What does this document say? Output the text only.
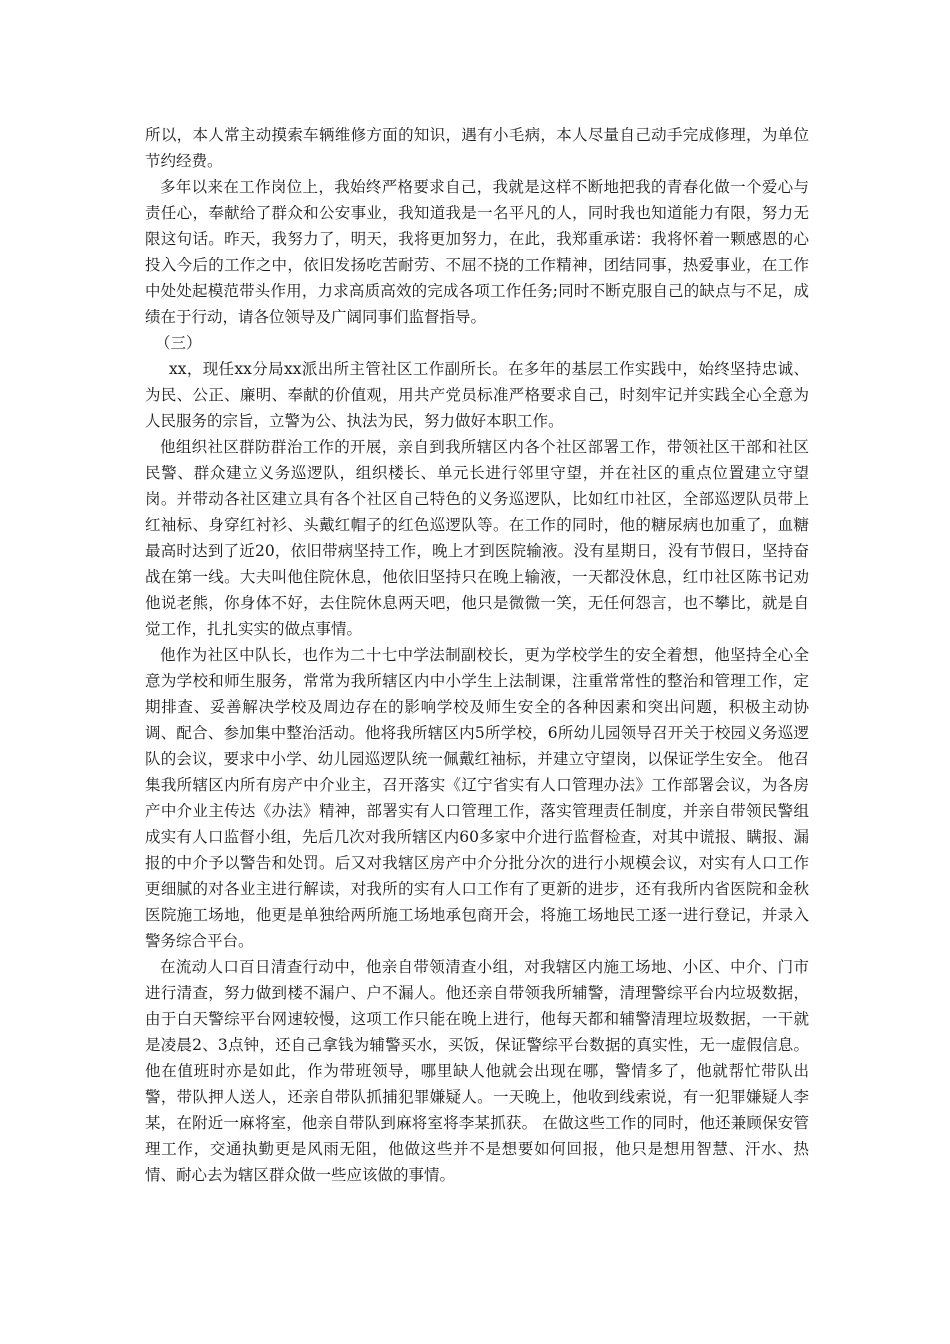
所以，本人常主动摸索车辆维修方面的知识，遇有小毛病，本人尽量自己动手完成修理，为单位节约经费。

多年以来在工作岗位上，我始终严格要求自己，我就是这样不断地把我的青春化做一个爱心与责任心，奉献给了群众和公安事业，我知道我是一名平凡的人，同时我也知道能力有限，努力无限这句话。昨天，我努力了，明天，我将更加努力，在此，我郑重承诺：我将怀着一颗感恩的心投入今后的工作之中，依旧发扬吃苦耐劳、不屈不挠的工作精神，团结同事，热爱事业，在工作中处处起模范带头作用，力求高质高效的完成各项工作任务;同时不断克服自己的缺点与不足，成绩在于行动，请各位领导及广阔同事们监督指导。

（三）

xx，现任xx分局xx派出所主管社区工作副所长。在多年的基层工作实践中，始终坚持忠诚、为民、公正、廉明、奉献的价值观，用共产党员标准严格要求自己，时刻牢记并实践全心全意为人民服务的宗旨，立警为公、执法为民，努力做好本职工作。

他组织社区群防群治工作的开展，亲自到我所辖区内各个社区部署工作，带领社区干部和社区民警、群众建立义务巡逻队，组织楼长、单元长进行邻里守望，并在社区的重点位置建立守望岗。并带动各社区建立具有各个社区自己特色的义务巡逻队，比如红巾社区，全部巡逻队员带上红袖标、身穿红衬衫、头戴红帽子的红色巡逻队等。在工作的同时，他的糖尿病也加重了，血糖最高时达到了近20，依旧带病坚持工作，晚上才到医院输液。没有星期日，没有节假日，坚持奋战在第一线。大夫叫他住院休息，他依旧坚持只在晚上输液，一天都没休息，红巾社区陈书记劝他说老熊，你身体不好，去住院休息两天吧，他只是微微一笑，无任何怨言，也不攀比，就是自觉工作，扎扎实实的做点事情。

他作为社区中队长，也作为二十七中学法制副校长，更为学校学生的安全着想，他坚持全心全意为学校和师生服务，常常为我所辖区内中小学生上法制课，注重常常性的整治和管理工作，定期排查、妥善解决学校及周边存在的影响学校及师生安全的各种因素和突出问题，积极主动协调、配合、参加集中整治活动。他将我所辖区内5所学校，6所幼儿园领导召开关于校园义务巡逻队的会议，要求中小学、幼儿园巡逻队统一佩戴红袖标，并建立守望岗，以保证学生安全。 他召集我所辖区内所有房产中介业主，召开落实《辽宁省实有人口管理办法》工作部署会议，为各房产中介业主传达《办法》精神，部署实有人口管理工作，落实管理责任制度，并亲自带领民警组成实有人口监督小组，先后几次对我所辖区内60多家中介进行监督检查，对其中谎报、瞒报、漏报的中介予以警告和处罚。后又对我辖区房产中介分批分次的进行小规模会议，对实有人口工作更细腻的对各业主进行解读，对我所的实有人口工作有了更新的进步，还有我所内省医院和金秋医院施工场地，他更是单独给两所施工场地承包商开会，将施工场地民工逐一进行登记，并录入警务综合平台。

在流动人口百日清查行动中，他亲自带领清查小组，对我辖区内施工场地、小区、中介、门市进行清查，努力做到楼不漏户、户不漏人。他还亲自带领我所辅警，清理警综平台内垃圾数据，由于白天警综平台网速较慢，这项工作只能在晚上进行，他每天都和辅警清理垃圾数据，一干就是凌晨2、3点钟，还自己拿钱为辅警买水，买饭，保证警综平台数据的真实性，无一虚假信息。 他在值班时亦是如此，作为带班领导，哪里缺人他就会出现在哪，警情多了，他就帮忙带队出警，带队押人送人，还亲自带队抓捕犯罪嫌疑人。一天晚上，他收到线索说，有一犯罪嫌疑人李某，在附近一麻将室，他亲自带队到麻将室将李某抓获。 在做这些工作的同时，他还兼顾保安管理工作，交通执勤更是风雨无阻，他做这些并不是想要如何回报，他只是想用智慧、汗水、热情、耐心去为辖区群众做一些应该做的事情。
